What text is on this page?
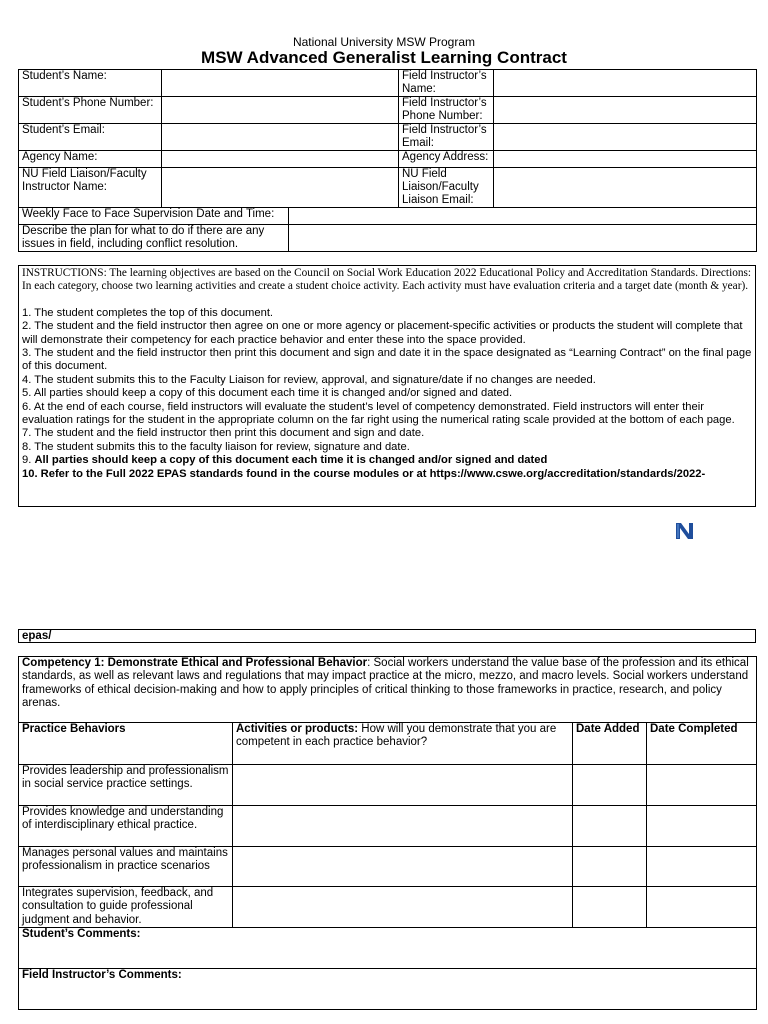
National University MSW Program
MSW Advanced Generalist Learning Contract
Student’s Name:		Field Instructor’s Name:	
Student’s Phone Number:		Field Instructor’s Phone Number:	
Student’s Email:		Field Instructor’s Email:	
Agency Name:		Agency Address:	
NU Field Liaison/Faculty Instructor Name:		NU Field Liaison/Faculty Liaison Email:	
Weekly Face to Face Supervision Date and Time:	
Describe the plan for what to do if there are any issues in field, including conflict resolution.	
INSTRUCTIONS: The learning objectives are based on the Council on Social Work Education 2022 Educational Policy and Accreditation Standards. Directions: In each category, choose two learning activities and create a student choice activity. Each activity must have evaluation criteria and a target date (month & year).
1. The student completes the top of this document.
2. The student and the field instructor then agree on one or more agency or placement-specific activities or products the student will complete that will demonstrate their competency for each practice behavior and enter these into the space provided.
3. The student and the field instructor then print this document and sign and date it in the space designated as “Learning Contract” on the final page of this document.
4. The student submits this to the Faculty Liaison for review, approval, and signature/date if no changes are needed.
5. All parties should keep a copy of this document each time it is changed and/or signed and dated.
6. At the end of each course, field instructors will evaluate the student’s level of competency demonstrated. Field instructors will enter their evaluation ratings for the student in the appropriate column on the far right using the numerical rating scale provided at the bottom of each page.
7. The student and the field instructor then print this document and sign and date.
8. The student submits this to the faculty liaison for review, signature and date.
9. All parties should keep a copy of this document each time it is changed and/or signed and dated
10. Refer to the Full 2022 EPAS standards found in the course modules or at https://www.cswe.org/accreditation/standards/2022-
epas/
Competency 1: Demonstrate Ethical and Professional Behavior: Social workers understand the value base of the profession and its ethical standards, as well as relevant laws and regulations that may impact practice at the micro, mezzo, and macro levels. Social workers understand frameworks of ethical decision-making and how to apply principles of critical thinking to those frameworks in practice, research, and policy arenas.			
Practice Behaviors	Activities or products: How will you demonstrate that you are competent in each practice behavior?	Date Added	Date Completed
Provides leadership and professionalism in social service practice settings.			
Provides knowledge and understanding of interdisciplinary ethical practice.			
Manages personal values and maintains professionalism in practice scenarios			
Integrates supervision, feedback, and consultation to guide professional judgment and behavior.			
Student’s Comments:			
Field Instructor’s Comments:			
